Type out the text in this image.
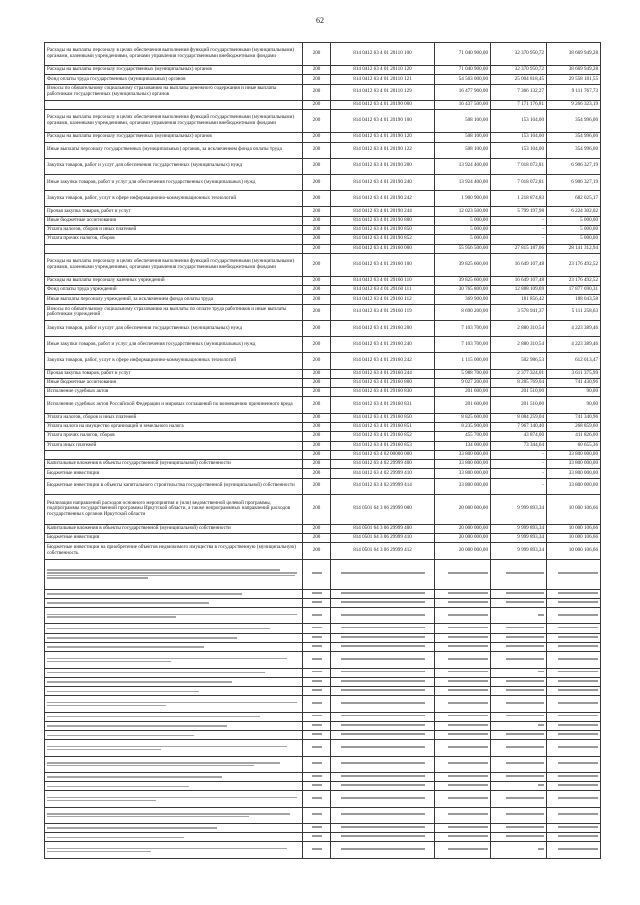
62
Расходы на выплаты персоналу в целях обеспечения выполнения функций государственными (муниципальными) органами, казенными учреждениями, органами управления государственными внебюджетными фондами	200	814 0412 63 4 01 20110 100	71 040 900,00	32 370 950,72	38 669 949,28
Расходы на выплаты персоналу государственных (муниципальных) органов	200	814 0412 63 4 01 20110 120	71 040 900,00	32 370 950,72	38 669 949,28
Фонд оплаты труда государственных (муниципальных) органов	200	814 0412 63 4 01 20110 121	54 563 000,00	25 004 818,45	29 558 181,55
Взносы по обязательному социальному страхованию на выплаты денежного содержания и иные выплаты работникам государственных (муниципальных) органов	200	814 0412 63 4 01 20110 129	16 477 900,00	7 366 132,27	9 111 767,73
	200	814 0412 63 4 01 20190 000	16 437 500,00	7 171 176,81	9 266 323,19
Расходы на выплаты персоналу в целях обеспечения выполнения функций государственными (муниципальными) органами, казенными учреждениями, органами управления государственными внебюджетными фондами	200	814 0412 63 4 01 20190 100	508 100,00	153 104,00	354 996,00
Расходы на выплаты персоналу государственных (муниципальных) органов	200	814 0412 63 4 01 20190 120	508 100,00	153 104,00	354 996,00
Иные выплаты персоналу государственных (муниципальных) органов, за исключением фонда оплаты труда	200	814 0412 63 4 01 20190 122	508 100,00	153 104,00	354 996,00
Закупка товаров, работ и услуг для обеспечения государственных (муниципальных) нужд	200	814 0412 63 4 01 20190 200	13 924 400,00	7 018 072,81	6 906 327,19
Иные закупки товаров, работ и услуг для обеспечения государственных (муниципальных) нужд	200	814 0412 63 4 01 20190 240	13 924 400,00	7 018 072,81	6 906 327,19
Закупка товаров, работ, услуг в сфере информационно-коммуникационных технологий	200	814 0412 63 4 01 20190 242	1 900 900,00	1 218 874,83	682 025,17
Прочая закупка товаров, работ и услуг	200	814 0412 63 4 01 20190 244	12 023 500,00	5 799 197,98	6 224 302,02
Иные бюджетные ассигнования	200	814 0412 63 4 01 20190 800	5 000,00	-	5 000,00
Уплата налогов, сборов и иных платежей	200	814 0412 63 4 01 20190 850	5 000,00	-	5 000,00
Уплата прочих налогов, сборов	200	814 0412 63 4 01 20190 852	5 000,00	-	5 000,00
	200	814 0412 63 4 01 29160 000	55 956 500,00	27 815 187,06	28 141 312,94
Расходы на выплаты персоналу в целях обеспечения выполнения функций государственными (муниципальными) органами, казенными учреждениями, органами управления государственными внебюджетными фондами	200	814 0412 63 4 01 29160 100	39 825 600,00	16 649 107,48	23 176 492,52
Расходы на выплаты персоналу казенных учреждений	200	814 0412 63 4 01 29160 110	39 825 600,00	16 649 107,48	23 176 492,52
Фонд оплаты труда учреждений	200	814 0412 63 4 01 29160 111	30 765 800,00	12 888 109,69	17 877 690,31
Иные выплаты персоналу учреждений, за исключением фонда оплаты труда	200	814 0412 63 4 01 29160 112	369 900,00	181 856,42	188 043,58
Взносы по обязательному социальному страхованию на выплаты по оплате труда работников и иные выплаты работникам учреждений	200	814 0412 63 4 01 29160 119	8 690 200,00	3 578 941,37	5 111 258,63
Закупка товаров, работ и услуг для обеспечения государственных (муниципальных) нужд	200	814 0412 63 4 01 29160 200	7 103 700,00	2 880 310,54	4 223 389,46
Иные закупки товаров, работ и услуг для обеспечения государственных (муниципальных) нужд	200	814 0412 63 4 01 29160 240	7 103 700,00	2 880 310,54	4 223 389,46
Закупка товаров, работ, услуг в сфере информационно-коммуникационных технологий	200	814 0412 63 4 01 29160 242	1 115 000,00	502 986,53	612 013,47
Прочая закупка товаров, работ и услуг	200	814 0412 63 4 01 29160 244	5 988 700,00	2 377 324,01	3 611 375,99
Иные бюджетные ассигнования	200	814 0412 63 4 01 29160 800	9 027 200,00	8 285 769,04	741 430,96
Исполнение судебных актов	200	814 0412 63 4 01 29160 830	201 600,00	201 510,00	90,00
Исполнение судебных актов Российской Федерации и мировых соглашений по возмещению причиненного вреда	200	814 0412 63 4 01 29160 831	201 600,00	201 510,00	90,00
Уплата налогов, сборов и иных платежей	200	814 0412 63 4 01 29160 850	8 825 600,00	8 084 259,04	741 340,96
Уплата налога на имущество организаций и земельного налога	200	814 0412 63 4 01 29160 851	8 235 900,00	7 967 140,40	268 859,60
Уплата прочих налогов, сборов	200	814 0412 63 4 01 29160 852	455 700,00	43 874,00	411 826,00
Уплата иных платежей	200	814 0412 63 4 01 29160 853	134 000,00	73 344,64	60 655,36
	200	814 0412 63 4 02 00000 000	33 800 000,00	-	33 800 000,00
Капитальные вложения в объекты государственной (муниципальной) собственности	200	814 0412 63 4 02 29999 400	33 800 000,00	-	33 800 000,00
Бюджетные инвестиции	200	814 0412 63 4 02 29999 410	33 800 000,00	-	33 800 000,00
Бюджетные инвестиции в объекты капитального строительства государственной (муниципальной) собственности	200	814 0412 63 4 02 29999 414	33 800 000,00	-	33 800 000,00
Реализация направлений расходов основного мероприятия и (или) ведомственной целевой программы, подпрограммы государственной программы Иркутской области, а также непрограммных направлений расходов государственных органов Иркутской области	200	814 0501 64 3 06 29999 000	20 000 000,00	9 999 893,34	10 000 106,66
Капитальные вложения в объекты государственной (муниципальной) собственности	200	814 0501 64 3 06 29999 400	20 000 000,00	9 999 893,34	10 000 106,66
Бюджетные инвестиции	200	814 0501 64 3 06 29999 410	20 000 000,00	9 999 893,34	10 000 106,66
Бюджетные инвестиции на приобретение объектов недвижимого имущества в государственную (муниципальную) собственность	200	814 0501 64 3 06 29999 412	20 000 000,00	9 999 893,34	10 000 106,66
